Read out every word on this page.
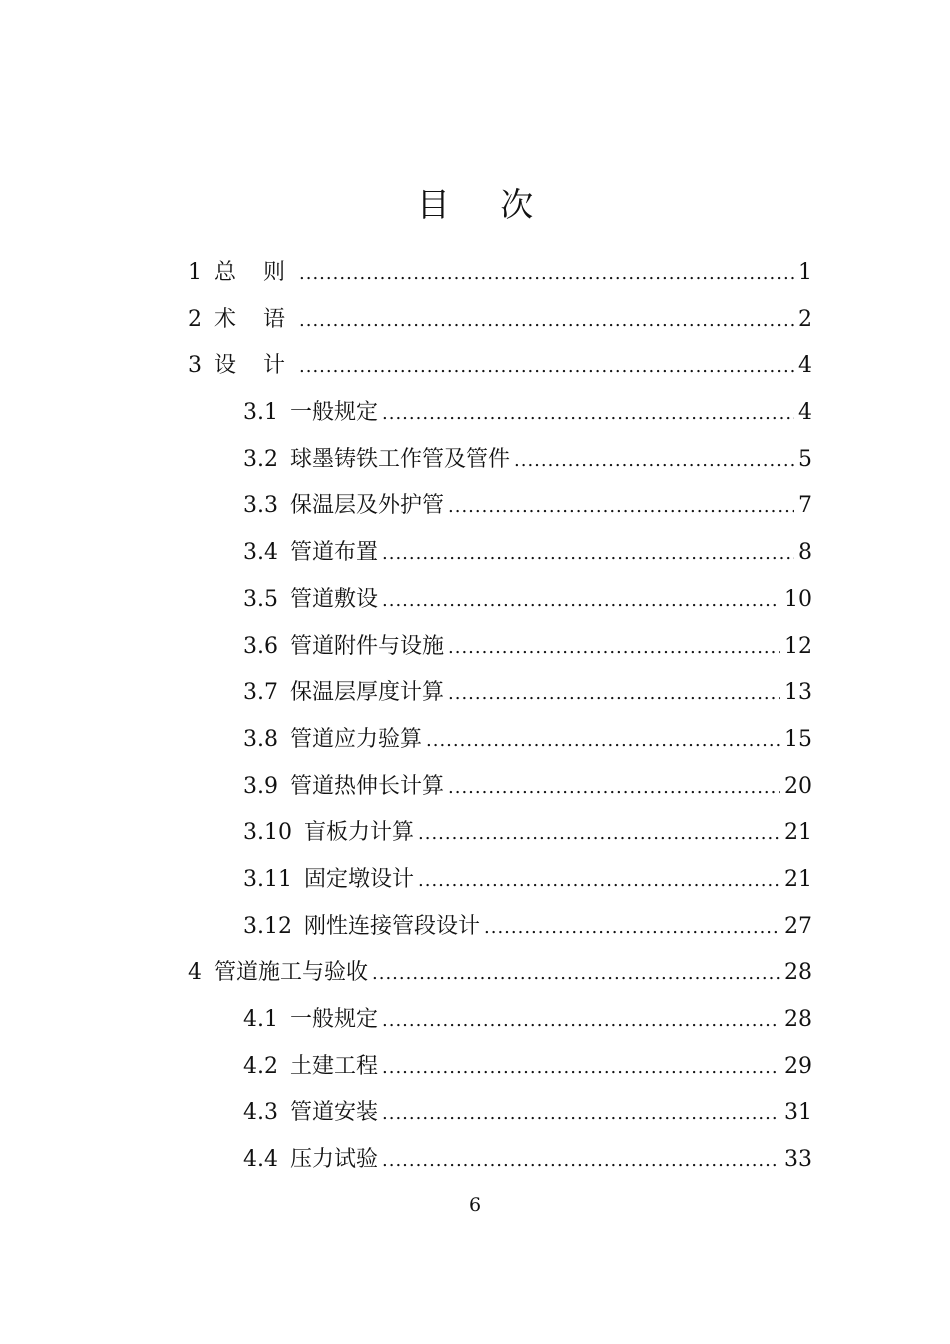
目 次
1 总 则 .....	1
2 术 语 .....	2
3 设 计 .....	4
3.1 一般规定 .....	4
3.2 球墨铸铁工作管及管件 .....	5
3.3 保温层及外护管 .....	7
3.4 管道布置 .....	8
3.5 管道敷设 .....	10
3.6 管道附件与设施 .....	12
3.7 保温层厚度计算 .....	13
3.8 管道应力验算 .....	15
3.9 管道热伸长计算 .....	20
3.10 盲板力计算 .....	21
3.11 固定墩设计 .....	21
3.12 刚性连接管段设计 .....	27
4 管道施工与验收 .....	28
4.1 一般规定 .....	28
4.2 土建工程 .....	29
4.3 管道安装 .....	31
4.4 压力试验 .....	33
6
